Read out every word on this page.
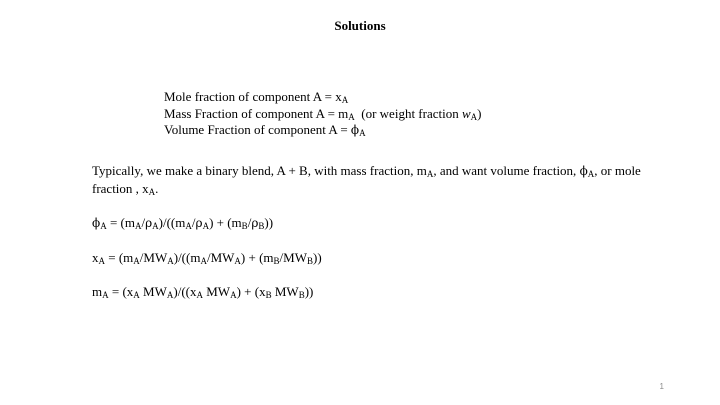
Solutions
Mole fraction of component $A = x_A$
Mass Fraction of component $A = m_A$  (or weight fraction $w_A$)
Volume Fraction of component $A = \phi_A$

Typically, we make a binary blend, A + B, with mass fraction, $m_A$, and want volume fraction, $\phi_A$, or mole fraction , $x_A$.

$\phi_A = (m_A/\rho_A)/((m_A/\rho_A) + (m_B/\rho_B))$
$x_A = (m_A/MW_A)/((m_A/MW_A) + (m_B/MW_B))$
$m_A = (x_A$ $MW_A)/((x_A$ $MW_A) + (x_B$ $MW_B$))
1
